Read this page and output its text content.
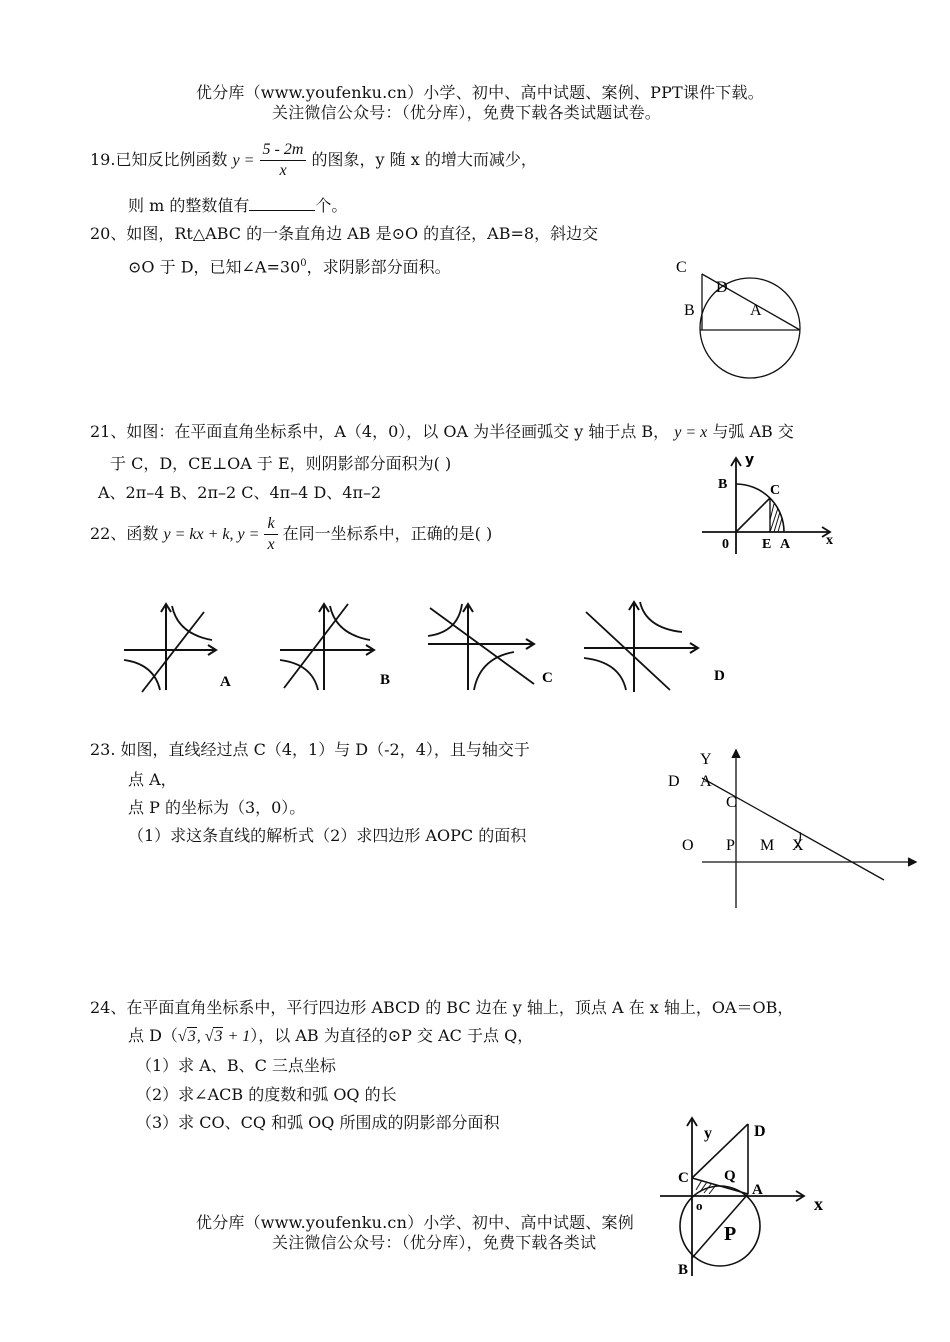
优分库（www.youfenku.cn）小学、初中、高中试题、案例、PPT课件下载。
关注微信公众号：（优分库），免费下载各类试题试卷。
19.已知反比例函数 $y = \frac{5 - 2m}{x}$ 的图象，y 随 x 的增大而减少，
则 m 的整数值有	个。
20、如图，Rt△ABC 的一条直角边 AB 是⊙O 的直径，AB=8，斜边交
⊙O 于 D，已知$\angle A=30^0$，求阴影部分面积。	C
D
B	A
21、如图：在平面直角坐标系中，A（4，0），以 OA 为半径画弧交 y 轴于点 B， y = x 与弧 AB 交
于 C，D，CE⊥OA 于 E，则阴影部分面积为( )
A、2π–4 B、2π–2 C、4π–4 D、4π–2
y
x
B	C
0 E A
22、函数 y = kx + k, $y = \frac{k}{x}$ 在同一坐标系中，正确的是( )
A	B	C	D
23. 如图，直线经过点 C（4，1）与 D（-2，4），且与轴交于
点 A，
点 P 的坐标为（3，0）。
（1）求这条直线的解析式（2）求四边形 AOPC 的面积
Y
D A
C
O P M X
24、在平面直角坐标系中，平行四边形 ABCD 的 BC 边在 y 轴上，顶点 A 在 x 轴上，OA＝OB，
点 D（√3, √3 + 1），以 AB 为直径的⊙P 交 AC 于点 Q，
（1）求 A、B、C 三点坐标
（2）求∠ACB 的度数和弧 OQ 的长
（3）求 CO、CQ 和弧 OQ 所围成的阴影部分面积
y	D
C Q
A
o	x
P
B
优分库（www.youfenku.cn）小学、初中、高中试题、案例
关注微信公众号：（优分库），免费下载各类试
